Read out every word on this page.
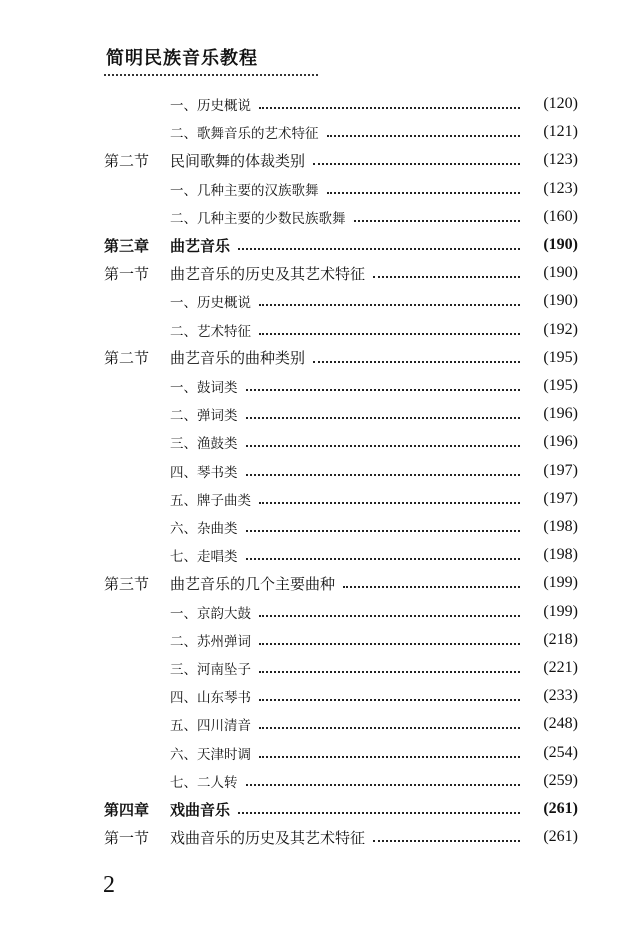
简明民族音乐教程
一、历史概说	(120)
二、歌舞音乐的艺术特征	(121)
第二节 民间歌舞的体裁类别	(123)
一、几种主要的汉族歌舞	(123)
二、几种主要的少数民族歌舞	(160)
第三章 曲艺音乐	(190)
第一节 曲艺音乐的历史及其艺术特征	(190)
一、历史概说	(190)
二、艺术特征	(192)
第二节 曲艺音乐的曲种类别	(195)
一、鼓词类	(195)
二、弹词类	(196)
三、渔鼓类	(196)
四、琴书类	(197)
五、牌子曲类	(197)
六、杂曲类	(198)
七、走唱类	(198)
第三节 曲艺音乐的几个主要曲种	(199)
一、京韵大鼓	(199)
二、苏州弹词	(218)
三、河南坠子	(221)
四、山东琴书	(233)
五、四川清音	(248)
六、天津时调	(254)
七、二人转	(259)
第四章 戏曲音乐	(261)
第一节 戏曲音乐的历史及其艺术特征	(261)
2
